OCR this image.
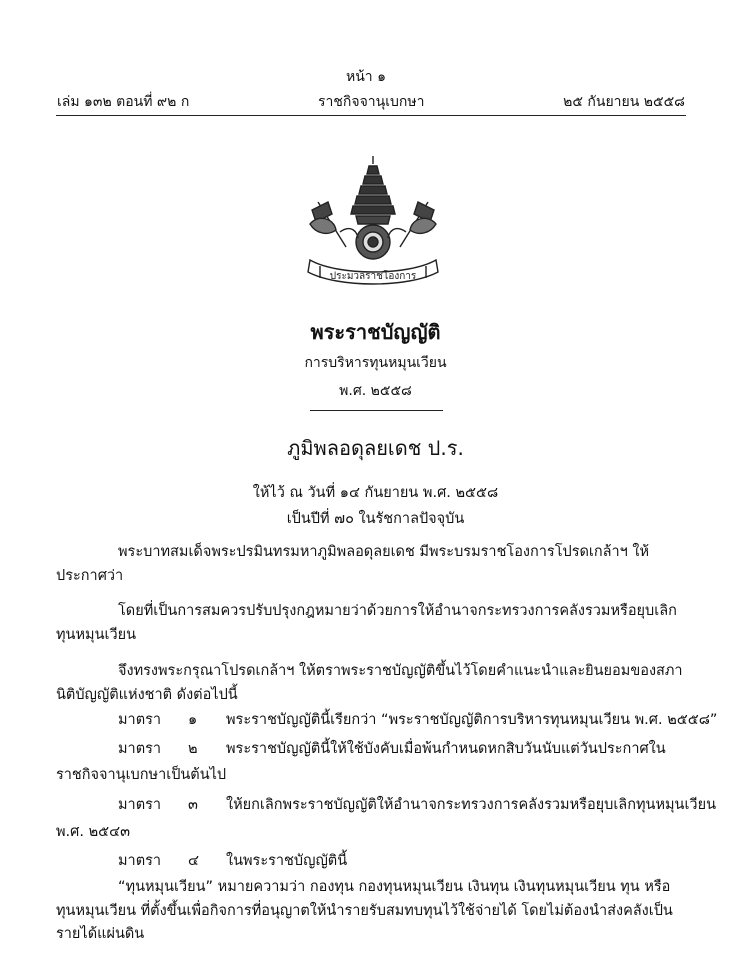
หน้า ๑
เล่ม ๑๓๒ ตอนที่ ๙๒ ก	ราชกิจจานุเบกษา	๒๕ กันยายน ๒๕๕๘
ประมวลราชโองการ
พระราชบัญญัติ
การบริหารทุนหมุนเวียน
พ.ศ. ๒๕๕๘
ภูมิพลอดุลยเดช ป.ร.
ให้ไว้ ณ วันที่ ๑๔ กันยายน พ.ศ. ๒๕๕๘
เป็นปีที่ ๗๐ ในรัชกาลปัจจุบัน

พระบาทสมเด็จพระปรมินทรมหาภูมิพลอดุลยเดช มีพระบรมราชโองการโปรดเกล้าฯ ให้ประกาศว่า

โดยที่เป็นการสมควรปรับปรุงกฎหมายว่าด้วยการให้อำนาจกระทรวงการคลังรวมหรือยุบเลิกทุนหมุนเวียน

จึงทรงพระกรุณาโปรดเกล้าฯ ให้ตราพระราชบัญญัติขึ้นไว้โดยคำแนะนำและยินยอมของสภานิติบัญญัติแห่งชาติ ดังต่อไปนี้

มาตรา ๑ พระราชบัญญัตินี้เรียกว่า “พระราชบัญญัติการบริหารทุนหมุนเวียน พ.ศ. ๒๕๕๘”
มาตรา ๒ พระราชบัญญัตินี้ให้ใช้บังคับเมื่อพ้นกำหนดหกสิบวันนับแต่วันประกาศใน
ราชกิจจานุเบกษาเป็นต้นไป
มาตรา ๓ ให้ยกเลิกพระราชบัญญัติให้อำนาจกระทรวงการคลังรวมหรือยุบเลิกทุนหมุนเวียน
พ.ศ. ๒๕๔๓
มาตรา ๔ ในพระราชบัญญัตินี้

“ทุนหมุนเวียน” หมายความว่า กองทุน กองทุนหมุนเวียน เงินทุน เงินทุนหมุนเวียน ทุน หรือทุนหมุนเวียน ที่ตั้งขึ้นเพื่อกิจการที่อนุญาตให้นำรายรับสมทบทุนไว้ใช้จ่ายได้ โดยไม่ต้องนำส่งคลังเป็นรายได้แผ่นดิน
